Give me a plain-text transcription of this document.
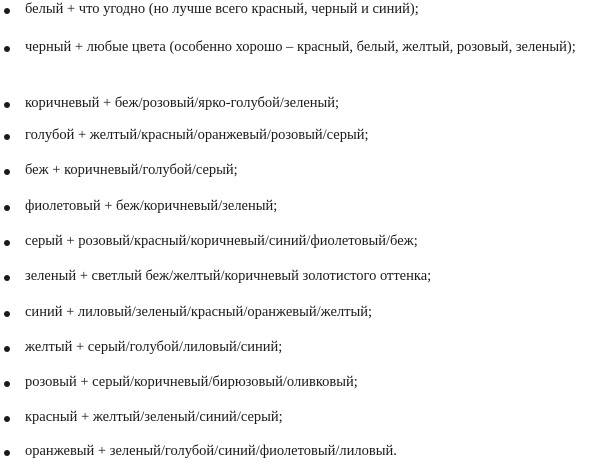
белый + что угодно (но лучше всего красный, черный и синий);
черный + любые цвета (особенно хорошо – красный, белый, желтый, розовый, зеленый);
коричневый + беж/розовый/ярко-голубой/зеленый;
голубой + желтый/красный/оранжевый/розовый/серый;
беж + коричневый/голубой/серый;
фиолетовый + беж/коричневый/зеленый;
серый + розовый/красный/коричневый/синий/фиолетовый/беж;
зеленый + светлый беж/желтый/коричневый золотистого оттенка;
синий + лиловый/зеленый/красный/оранжевый/желтый;
желтый + серый/голубой/лиловый/синий;
розовый + серый/коричневый/бирюзовый/оливковый;
красный + желтый/зеленый/синий/серый;
оранжевый + зеленый/голубой/синий/фиолетовый/лиловый.
